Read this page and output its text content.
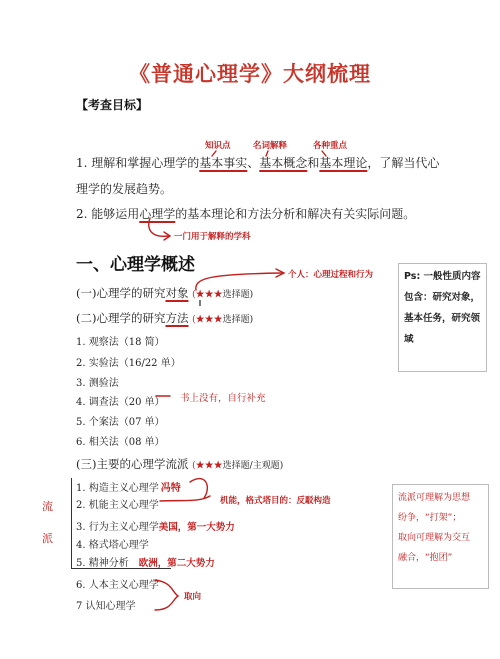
《普通心理学》大纲梳理
【考查目标】
知识点	名词解释	各种重点
1. 理解和掌握心理学的基本事实、基本概念和基本理论，了解当代心
理学的发展趋势。
2. 能够运用心理学的基本理论和方法分析和解决有关实际问题。
一门用于解释的学科
一、心理学概述	个人：心理过程和行为
(一)心理学的研究对象 (★★★选择题)
(二)心理学的研究方法 (★★★选择题)
1. 观察法（18 简）
2. 实验法（16/22 单）
3. 测验法
4. 调查法（20 单）
5. 个案法（07 单）
6. 相关法（08 单）
书上没有，自行补充
(三)主要的心理学流派 (★★★选择题/主观题)
流
派
1. 构造主义心理学 冯特
2. 机能主义心理学
3. 行为主义心理学美国，第一大势力
4. 格式塔心理学
5. 精神分析 欧洲，第二大势力
6. 人本主义心理学
7 认知心理学
机能，格式塔目的：反駁构造
取向
Ps: 一般性质内容
包含：研究对象，
基本任务，研究领
域
流派可理解为思想
纷争，“打架”；
取向可理解为交互
融合，“抱团”
